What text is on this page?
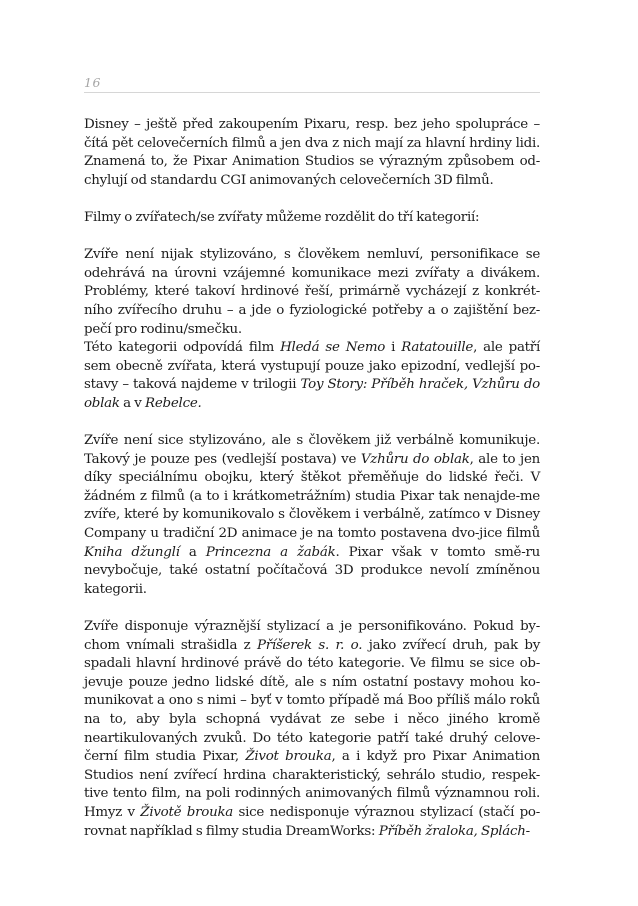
16

Disney – ještě před zakoupením Pixaru, resp. bez jeho spolupráce – čítá pět celovečerních filmů a jen dva z nich mají za hlavní hrdiny lidi. Znamená to, že Pixar Animation Studios se výrazným způsobem od-chylují od standardu CGI animovaných celovečerních 3D filmů.

Filmy o zvířatech/se zvířaty můžeme rozdělit do tří kategorií:

Zvíře není nijak stylizováno, s člověkem nemluví, personifikace se odehrává na úrovni vzájemné komunikace mezi zvířaty a divákem. Problémy, které takoví hrdinové řeší, primárně vycházejí z konkrét-ního zvířecího druhu – a jde o fyziologické potřeby a o zajištění bez-pečí pro rodinu/smečku.

Této kategorii odpovídá film Hledá se Nemo i Ratatouille, ale patří sem obecně zvířata, která vystupují pouze jako epizodní, vedlejší po-stavy – taková najdeme v trilogii Toy Story: Příběh hraček, Vzhůru do oblak a v Rebelce.

Zvíře není sice stylizováno, ale s člověkem již verbálně komunikuje. Takový je pouze pes (vedlejší postava) ve Vzhůru do oblak, ale to jen díky speciálnímu obojku, který štěkot přeměňuje do lidské řeči. V žádném z filmů (a to i krátkometrážním) studia Pixar tak nenajde-me zvíře, které by komunikovalo s člověkem i verbálně, zatímco v Disney Company u tradiční 2D animace je na tomto postavena dvo-jice filmů Kniha džunglí a Princezna a žabák. Pixar však v tomto smě-ru nevybočuje, také ostatní počítačová 3D produkce nevolí zmíněnou kategorii.

Zvíře disponuje výraznější stylizací a je personifikováno. Pokud by-chom vnímali strašidla z Příšerek s. r. o. jako zvířecí druh, pak by spadali hlavní hrdinové právě do této kategorie. Ve filmu se sice ob-jevuje pouze jedno lidské dítě, ale s ním ostatní postavy mohou ko-munikovat a ono s nimi – byť v tomto případě má Boo příliš málo roků na to, aby byla schopná vydávat ze sebe i něco jiného kromě neartikulovaných zvuků. Do této kategorie patří také druhý celove-černí film studia Pixar, Život brouka, a i když pro Pixar Animation Studios není zvířecí hrdina charakteristický, sehrálo studio, respek-tive tento film, na poli rodinných animovaných filmů významnou roli. Hmyz v Životě brouka sice nedisponuje výraznou stylizací (stačí po-rovnat například s filmy studia DreamWorks: Příběh žraloka, Splách-
